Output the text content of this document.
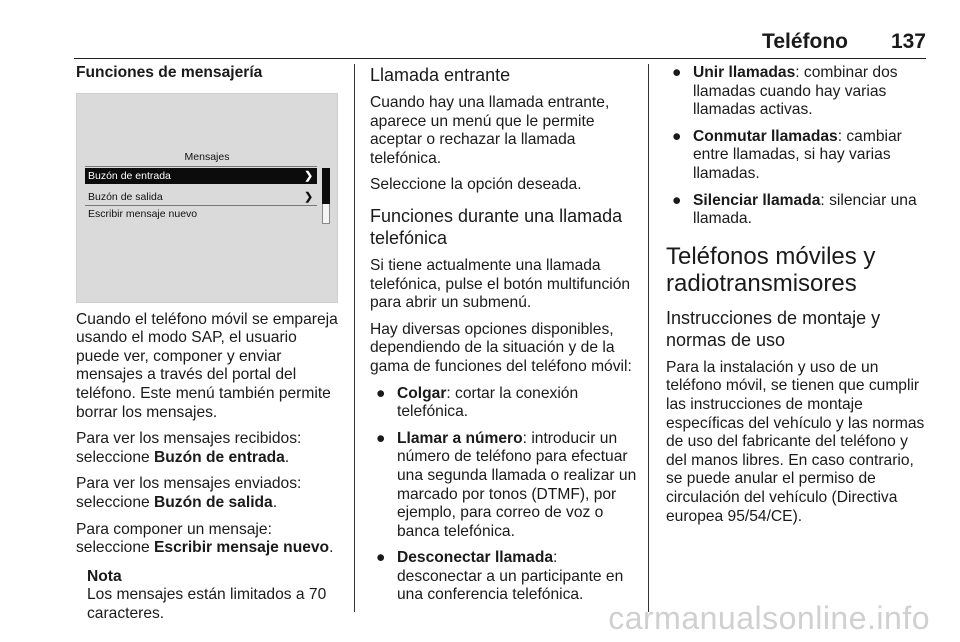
Teléfono 137
Funciones de mensajería
Mensajes
Buzón de entrada	❯
Buzón de salida	❯
Escribir mensaje nuevo

Cuando el teléfono móvil se empareja usando el modo SAP, el usuario puede ver, componer y enviar mensajes a través del portal del teléfono. Este menú también permite borrar los mensajes.

Para ver los mensajes recibidos: seleccione Buzón de entrada.

Para ver los mensajes enviados: seleccione Buzón de salida.

Para componer un mensaje: seleccione Escribir mensaje nuevo.

Nota
Los mensajes están limitados a 70 caracteres.
Llamada entrante

Cuando hay una llamada entrante, aparece un menú que le permite aceptar o rechazar la llamada telefónica.

Seleccione la opción deseada.

Funciones durante una llamada telefónica

Si tiene actualmente una llamada telefónica, pulse el botón multifunción para abrir un submenú.

Hay diversas opciones disponibles, dependiendo de la situación y de la gama de funciones del teléfono móvil:

● Colgar: cortar la conexión telefónica.
● Llamar a número: introducir un número de teléfono para efectuar una segunda llamada o realizar un marcado por tonos (DTMF), por ejemplo, para correo de voz o banca telefónica.
● Desconectar llamada: desconectar a un participante en una conferencia telefónica.
● Unir llamadas: combinar dos llamadas cuando hay varias llamadas activas.
● Conmutar llamadas: cambiar entre llamadas, si hay varias llamadas.
● Silenciar llamada: silenciar una llamada.
Teléfonos móviles y radiotransmisores
Instrucciones de montaje y normas de uso

Para la instalación y uso de un teléfono móvil, se tienen que cumplir las instrucciones de montaje específicas del vehículo y las normas de uso del fabricante del teléfono y del manos libres. En caso contrario, se puede anular el permiso de circulación del vehículo (Directiva europea 95/54/CE).

carmanualsonline.info
